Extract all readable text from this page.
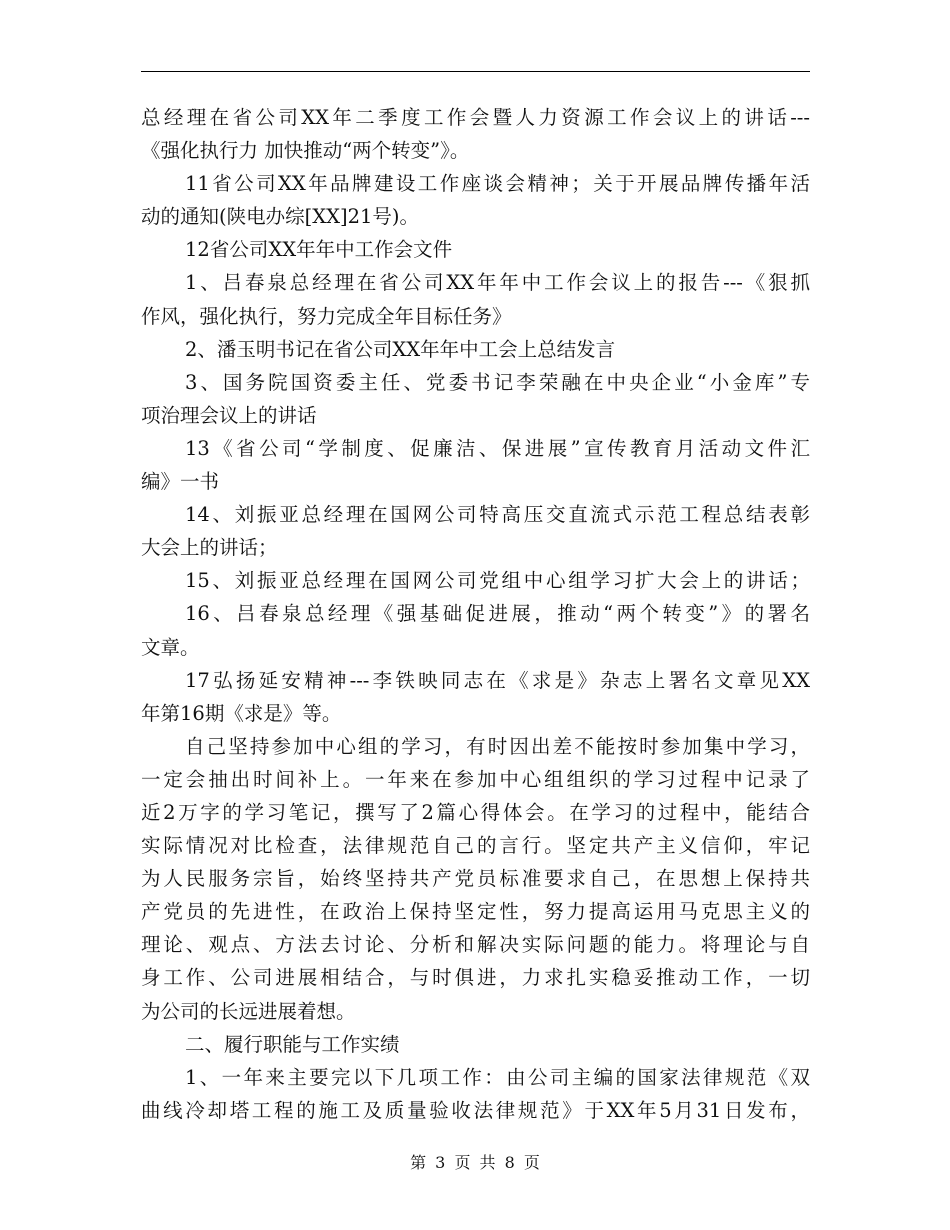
总经理在省公司XX年二季度工作会暨人力资源工作会议上的讲话---
《强化执行力 加快推动“两个转变”》。
11省公司XX年品牌建设工作座谈会精神；关于开展品牌传播年活
动的通知(陕电办综[XX]21号)。
12省公司XX年年中工作会文件
1、吕春泉总经理在省公司XX年年中工作会议上的报告---《狠抓
作风，强化执行，努力完成全年目标任务》
2、潘玉明书记在省公司XX年年中工会上总结发言
3、国务院国资委主任、党委书记李荣融在中央企业“小金库”专
项治理会议上的讲话
13《省公司“学制度、促廉洁、保进展”宣传教育月活动文件汇
编》一书
14、刘振亚总经理在国网公司特高压交直流式示范工程总结表彰
大会上的讲话；
15、刘振亚总经理在国网公司党组中心组学习扩大会上的讲话；
16、吕春泉总经理《强基础促进展，推动“两个转变”》的署名
文章。
17弘扬延安精神---李铁映同志在《求是》杂志上署名文章见XX
年第16期《求是》等。
自己坚持参加中心组的学习，有时因出差不能按时参加集中学习，
一定会抽出时间补上。一年来在参加中心组组织的学习过程中记录了
近2万字的学习笔记，撰写了2篇心得体会。在学习的过程中，能结合
实际情况对比检查，法律规范自己的言行。坚定共产主义信仰，牢记
为人民服务宗旨，始终坚持共产党员标准要求自己，在思想上保持共
产党员的先进性，在政治上保持坚定性，努力提高运用马克思主义的
理论、观点、方法去讨论、分析和解决实际问题的能力。将理论与自
身工作、公司进展相结合，与时俱进，力求扎实稳妥推动工作，一切
为公司的长远进展着想。
二、履行职能与工作实绩
1、一年来主要完以下几项工作：由公司主编的国家法律规范《双
曲线冷却塔工程的施工及质量验收法律规范》于XX年5月31日发布，
第 3 页 共 8 页
